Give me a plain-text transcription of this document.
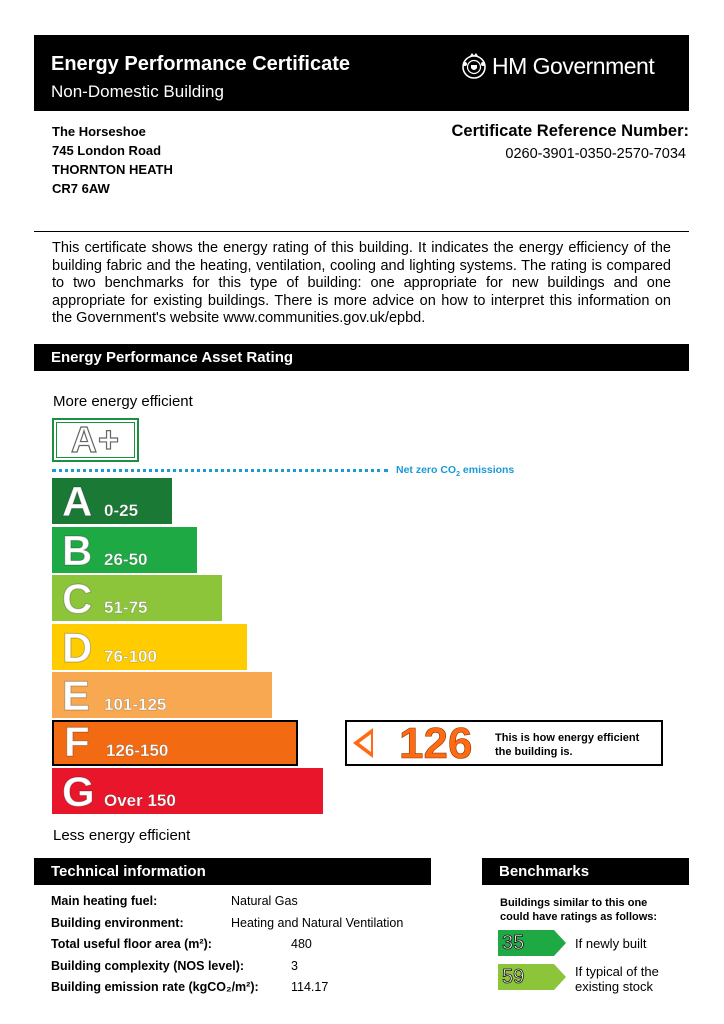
Energy Performance Certificate
Non-Domestic Building
HM Government
The Horseshoe
745 London Road
THORNTON HEATH
CR7 6AW
Certificate Reference Number:
0260-3901-0350-2570-7034
This certificate shows the energy rating of this building. It indicates the energy efficiency of the building fabric and the heating, ventilation, cooling and lighting systems. The rating is compared to two benchmarks for this type of building: one appropriate for new buildings and one appropriate for existing buildings. There is more advice on how to interpret this information on the Government's website www.communities.gov.uk/epbd.
Energy Performance Asset Rating
More energy efficient
A+
Net zero $CO_2$ emissions
A 0-25
B 26-50
C 51-75
D 76-100
E 101-125
F 126-150
G Over 150
126 This is how energy efficient
the building is.
Less energy efficient
Technical information
Main heating fuel:	Natural Gas
Building environment:	Heating and Natural Ventilation
Total useful floor area (m²):	480
Building complexity (NOS level):	3
Building emission rate (kgCO₂/m²):	114.17
Benchmarks
Buildings similar to this one
could have ratings as follows:
35	If newly built
59	If typical of the
existing stock
